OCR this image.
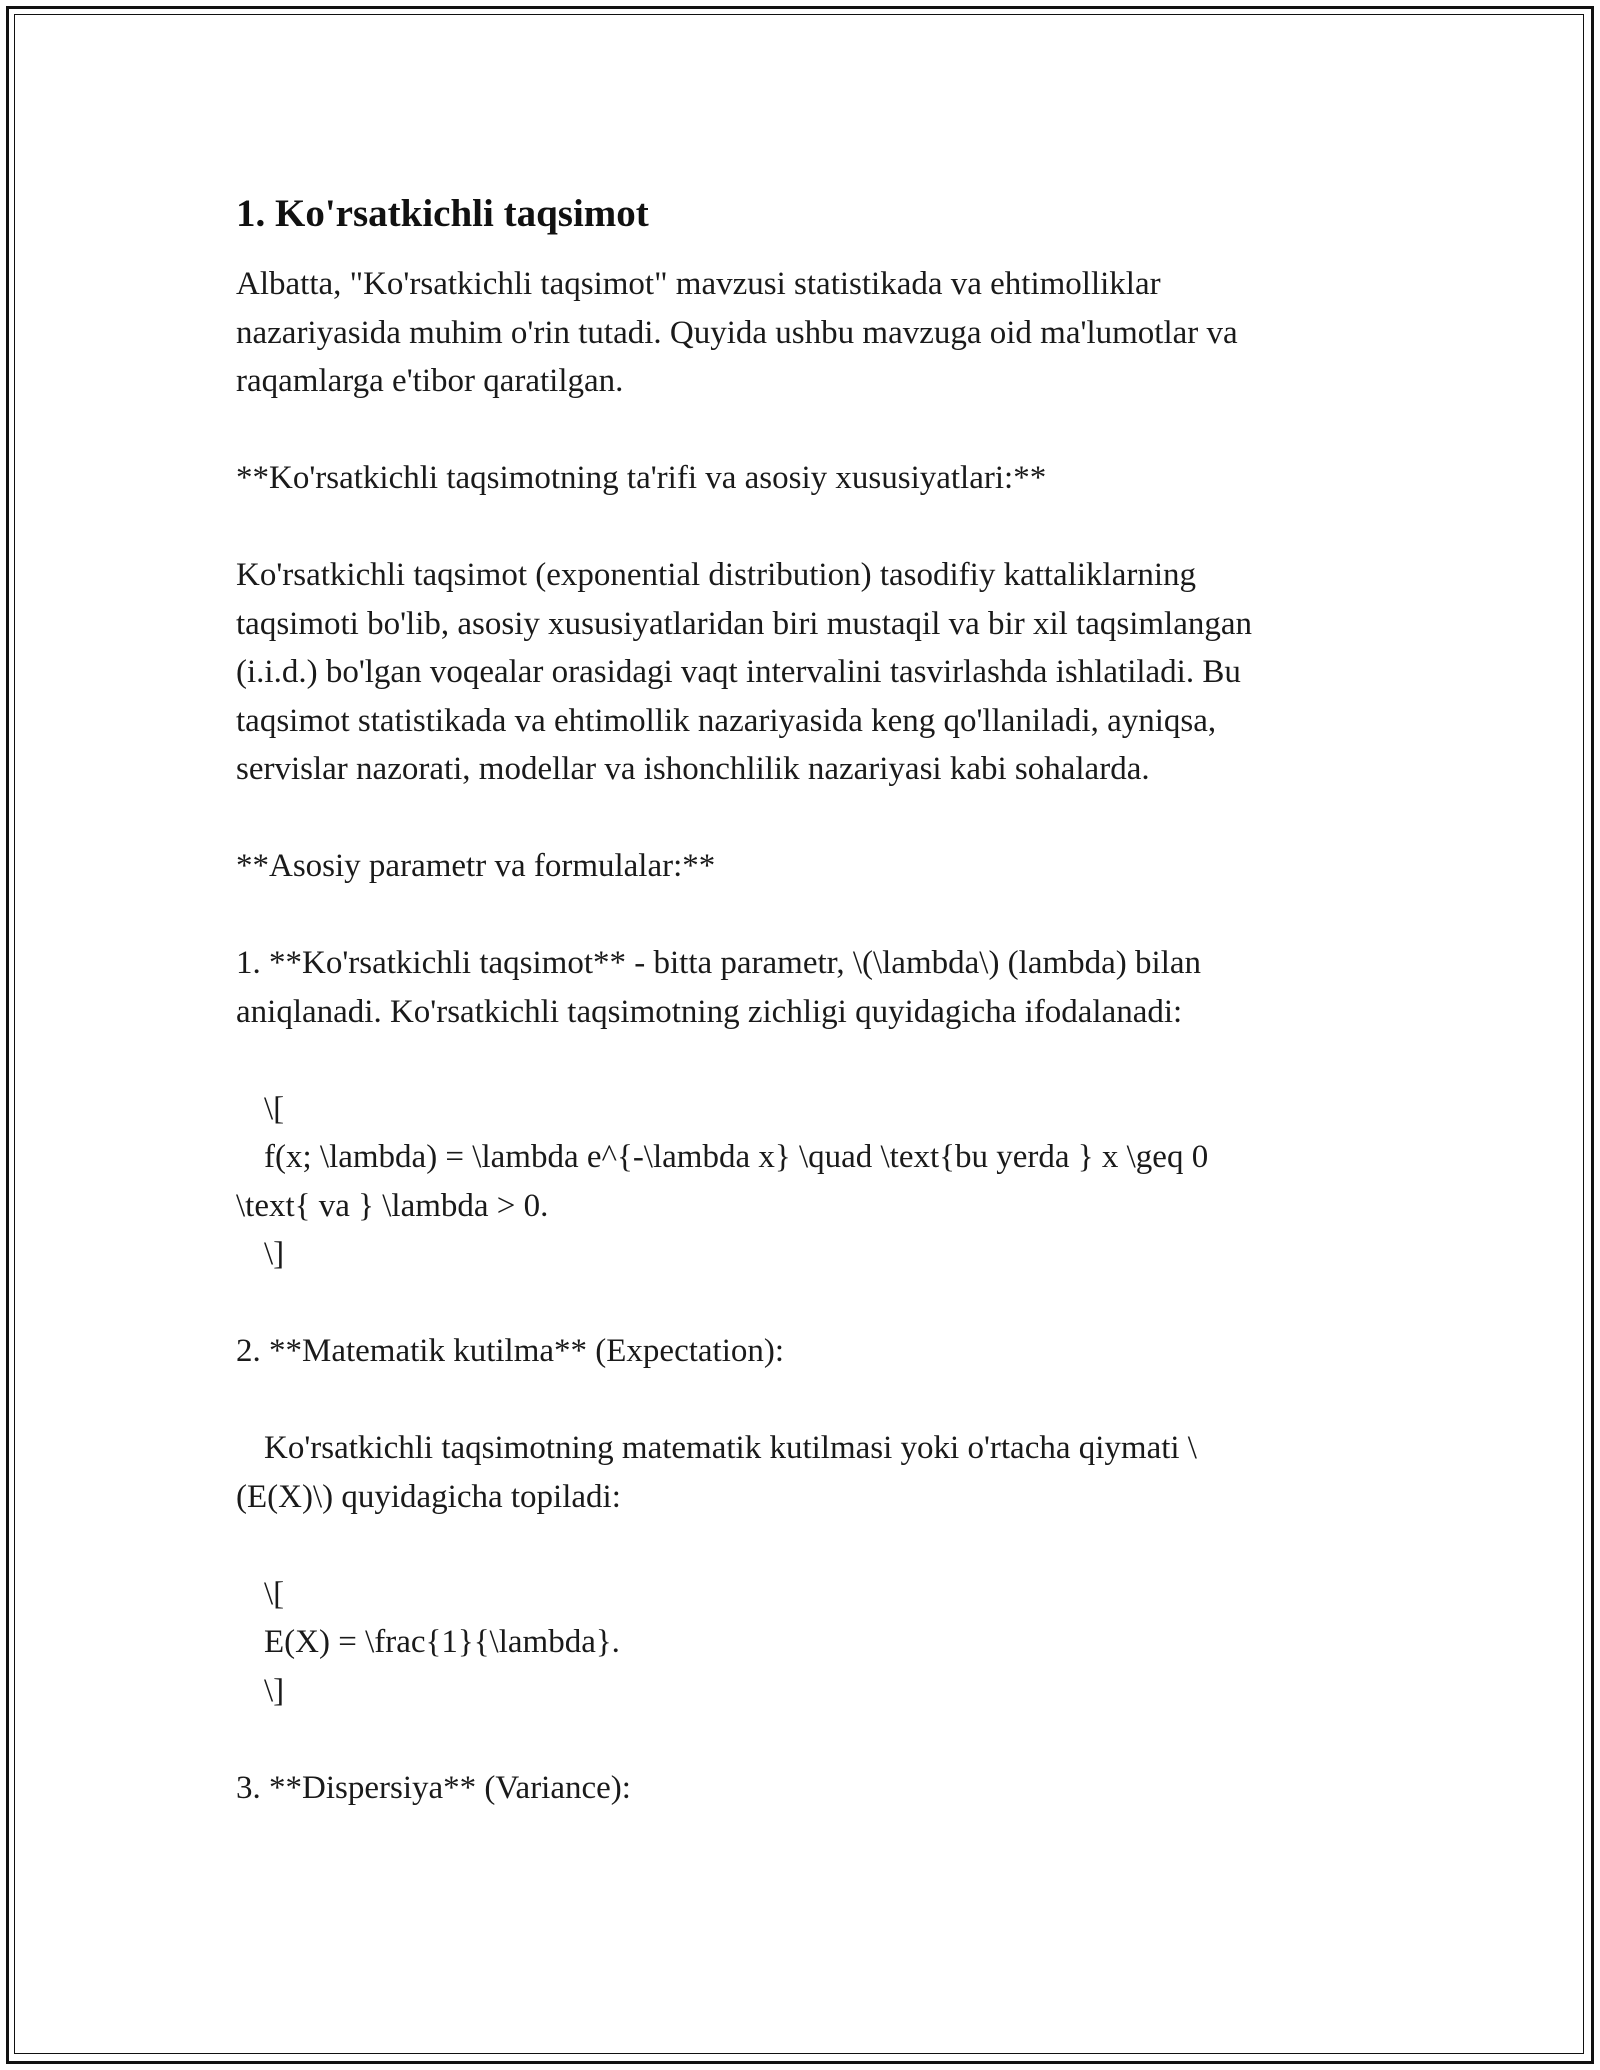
1. Ko'rsatkichli taqsimot

Albatta, "Ko'rsatkichli taqsimot" mavzusi statistikada va ehtimolliklar

nazariyasida muhim o'rin tutadi. Quyida ushbu mavzuga oid ma'lumotlar va

raqamlarga e'tibor qaratilgan.

**Ko'rsatkichli taqsimotning ta'rifi va asosiy xususiyatlari:**

Ko'rsatkichli taqsimot (exponential distribution) tasodifiy kattaliklarning

taqsimoti bo'lib, asosiy xususiyatlaridan biri mustaqil va bir xil taqsimlangan

(i.i.d.) bo'lgan voqealar orasidagi vaqt intervalini tasvirlashda ishlatiladi. Bu

taqsimot statistikada va ehtimollik nazariyasida keng qo'llaniladi, ayniqsa,

servislar nazorati, modellar va ishonchlilik nazariyasi kabi sohalarda.

**Asosiy parametr va formulalar:**

1. **Ko'rsatkichli taqsimot** - bitta parametr, \(\lambda\) (lambda) bilan

aniqlanadi. Ko'rsatkichli taqsimotning zichligi quyidagicha ifodalanadi:

\[

f(x; \lambda) = \lambda e^{-\lambda x} \quad \text{bu yerda } x \geq 0

\text{ va } \lambda > 0.

\]

2. **Matematik kutilma** (Expectation):

Ko'rsatkichli taqsimotning matematik kutilmasi yoki o'rtacha qiymati \

(E(X)\) quyidagicha topiladi:

\[

E(X) = \frac{1}{\lambda}.

\]

3. **Dispersiya** (Variance):
